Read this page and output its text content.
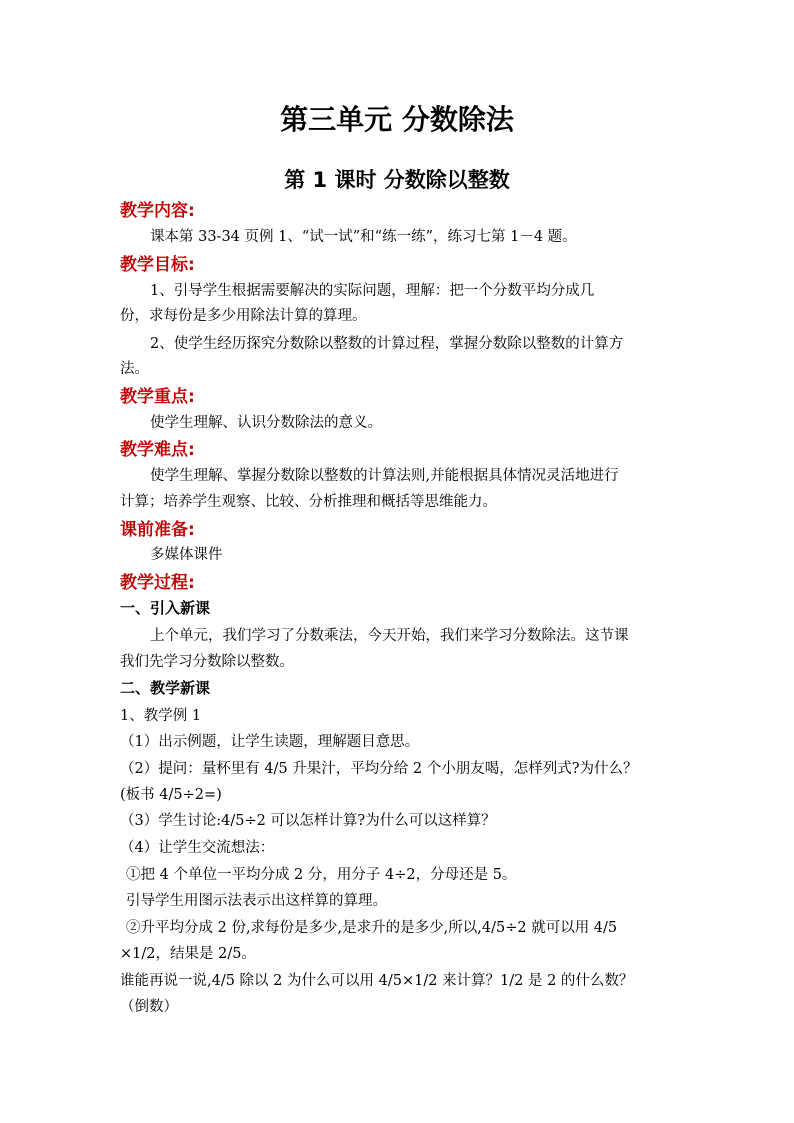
第三单元 分数除法
第 1 课时 分数除以整数
教学内容:
课本第 33-34 页例 1、“试一试”和“练一练”，练习七第 1－4 题。
教学目标:
1、引导学生根据需要解决的实际问题，理解：把一个分数平均分成几
份，求每份是多少用除法计算的算理。
2、使学生经历探究分数除以整数的计算过程，掌握分数除以整数的计算方
法。
教学重点:
使学生理解、认识分数除法的意义。
教学难点:
使学生理解、掌握分数除以整数的计算法则,并能根据具体情况灵活地进行
计算；培养学生观察、比较、分析推理和概括等思维能力。
课前准备:
多媒体课件
教学过程:
一、引入新课
上个单元，我们学习了分数乘法，今天开始，我们来学习分数除法。这节课
我们先学习分数除以整数。
二、教学新课
1、教学例 1
（1）出示例题，让学生读题，理解题目意思。
（2）提问：量杯里有 4/5 升果汁，平均分给 2 个小朋友喝，怎样列式?为什么？
(板书 4/5÷2=)
（3）学生讨论:4/5÷2 可以怎样计算?为什么可以这样算？
（4）让学生交流想法：
①把 4 个单位一平均分成 2 分，用分子 4÷2，分母还是 5。
引导学生用图示法表示出这样算的算理。
②升平均分成 2 份,求每份是多少,是求升的是多少,所以,4/5÷2 就可以用 4/5
×1/2，结果是 2/5。
谁能再说一说,4/5 除以 2 为什么可以用 4/5×1/2 来计算？1/2 是 2 的什么数？
（倒数）
